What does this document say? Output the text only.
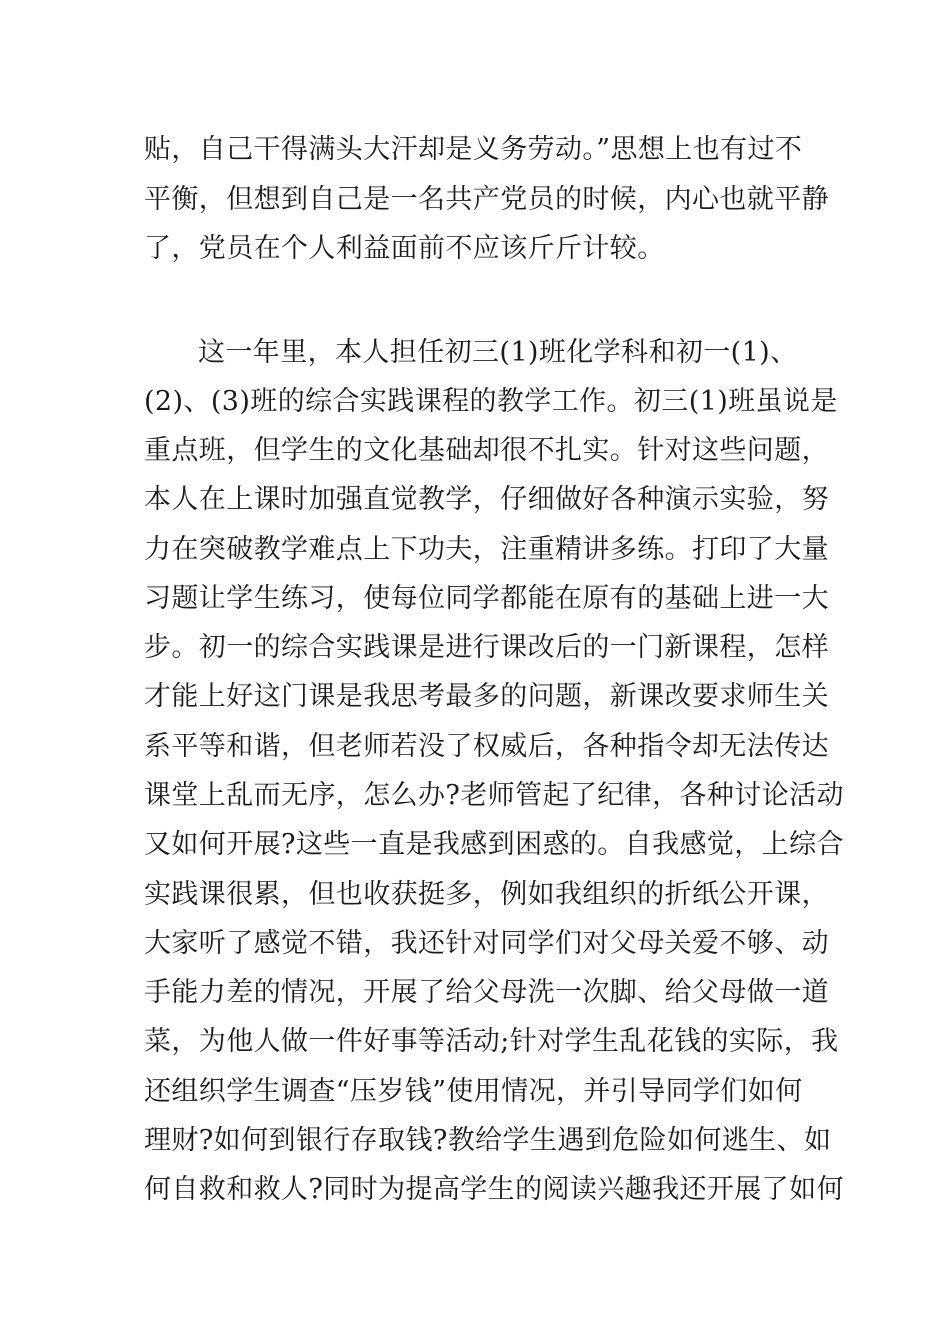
贴，自己干得满头大汗却是义务劳动。”思想上也有过不
平衡，但想到自己是一名共产党员的时候，内心也就平静
了，党员在个人利益面前不应该斤斤计较。
这一年里，本人担任初三(1)班化学科和初一(1)、
(2)、(3)班的综合实践课程的教学工作。初三(1)班虽说是
重点班，但学生的文化基础却很不扎实。针对这些问题，
本人在上课时加强直觉教学，仔细做好各种演示实验，努
力在突破教学难点上下功夫，注重精讲多练。打印了大量
习题让学生练习，使每位同学都能在原有的基础上进一大
步。初一的综合实践课是进行课改后的一门新课程，怎样
才能上好这门课是我思考最多的问题，新课改要求师生关
系平等和谐，但老师若没了权威后，各种指令却无法传达
课堂上乱而无序，怎么办?老师管起了纪律，各种讨论活动
又如何开展?这些一直是我感到困惑的。自我感觉，上综合
实践课很累，但也收获挺多，例如我组织的折纸公开课，
大家听了感觉不错，我还针对同学们对父母关爱不够、动
手能力差的情况，开展了给父母洗一次脚、给父母做一道
菜，为他人做一件好事等活动;针对学生乱花钱的实际，我
还组织学生调查“压岁钱”使用情况，并引导同学们如何
理财?如何到银行存取钱?教给学生遇到危险如何逃生、如
何自救和救人?同时为提高学生的阅读兴趣我还开展了如何
